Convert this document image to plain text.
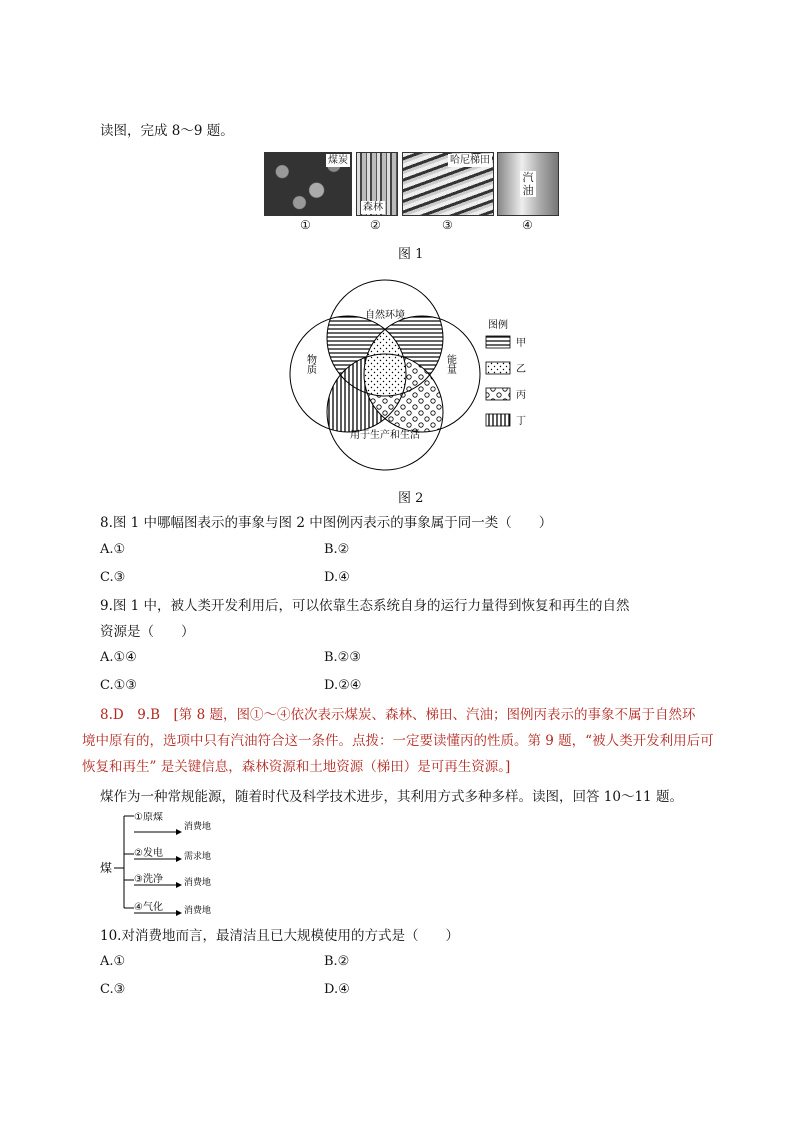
读图，完成 8～9 题。
煤炭
森林
哈尼梯田
汽油
①	②	③	④
图 1
自然环境
物质	能量
用于生产和生活
图例
甲
乙
丙
丁
图 2
8.图 1 中哪幅图表示的事象与图 2 中图例丙表示的事象属于同一类（　　）
A.①	B.②
C.③	D.④
9.图 1 中，被人类开发利用后，可以依靠生态系统自身的运行力量得到恢复和再生的自然
资源是（　　）
A.①④	B.②③
C.①③	D.②④
8.D　9.B　[第 8 题，图①～④依次表示煤炭、森林、梯田、汽油；图例丙表示的事象不属于自然环
境中原有的，选项中只有汽油符合这一条件。点拨：一定要读懂丙的性质。第 9 题，“被人类开发利用后可
恢复和再生” 是关键信息，森林资源和土地资源（梯田）是可再生资源。]
煤作为一种常规能源，随着时代及科学技术进步，其利用方式多种多样。读图，回答 10～11 题。
煤
①原煤
②发电
③洗净
④气化
消费地
需求地
消费地
消费地
10.对消费地而言，最清洁且已大规模使用的方式是（　　）
A.①	B.②
C.③	D.④
